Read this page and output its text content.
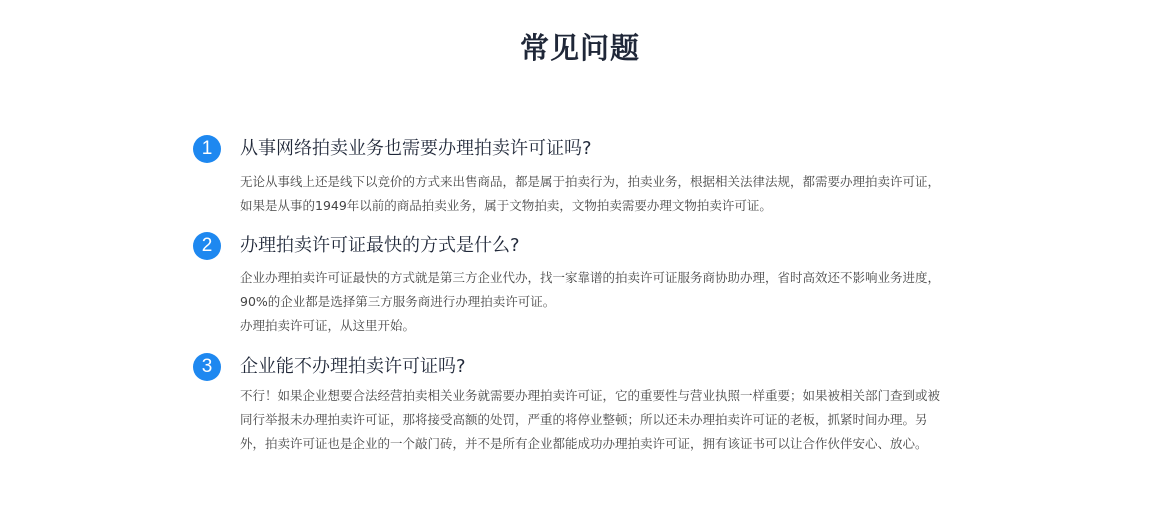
常见问题
1	从事网络拍卖业务也需要办理拍卖许可证吗?

无论从事线上还是线下以竞价的方式来出售商品，都是属于拍卖行为，拍卖业务，根据相关法律法规，都需要办理拍卖许可证，如果是从事的1949年以前的商品拍卖业务，属于文物拍卖，文物拍卖需要办理文物拍卖许可证。

2	办理拍卖许可证最快的方式是什么?

企业办理拍卖许可证最快的方式就是第三方企业代办，找一家靠谱的拍卖许可证服务商协助办理，省时高效还不影响业务进度，90%的企业都是选择第三方服务商进行办理拍卖许可证。

办理拍卖许可证，从这里开始。

3	企业能不办理拍卖许可证吗?

不行！如果企业想要合法经营拍卖相关业务就需要办理拍卖许可证，它的重要性与营业执照一样重要；如果被相关部门查到或被同行举报未办理拍卖许可证，那将接受高额的处罚，严重的将停业整顿；所以还未办理拍卖许可证的老板，抓紧时间办理。另外，拍卖许可证也是企业的一个敲门砖，并不是所有企业都能成功办理拍卖许可证，拥有该证书可以让合作伙伴安心、放心。
